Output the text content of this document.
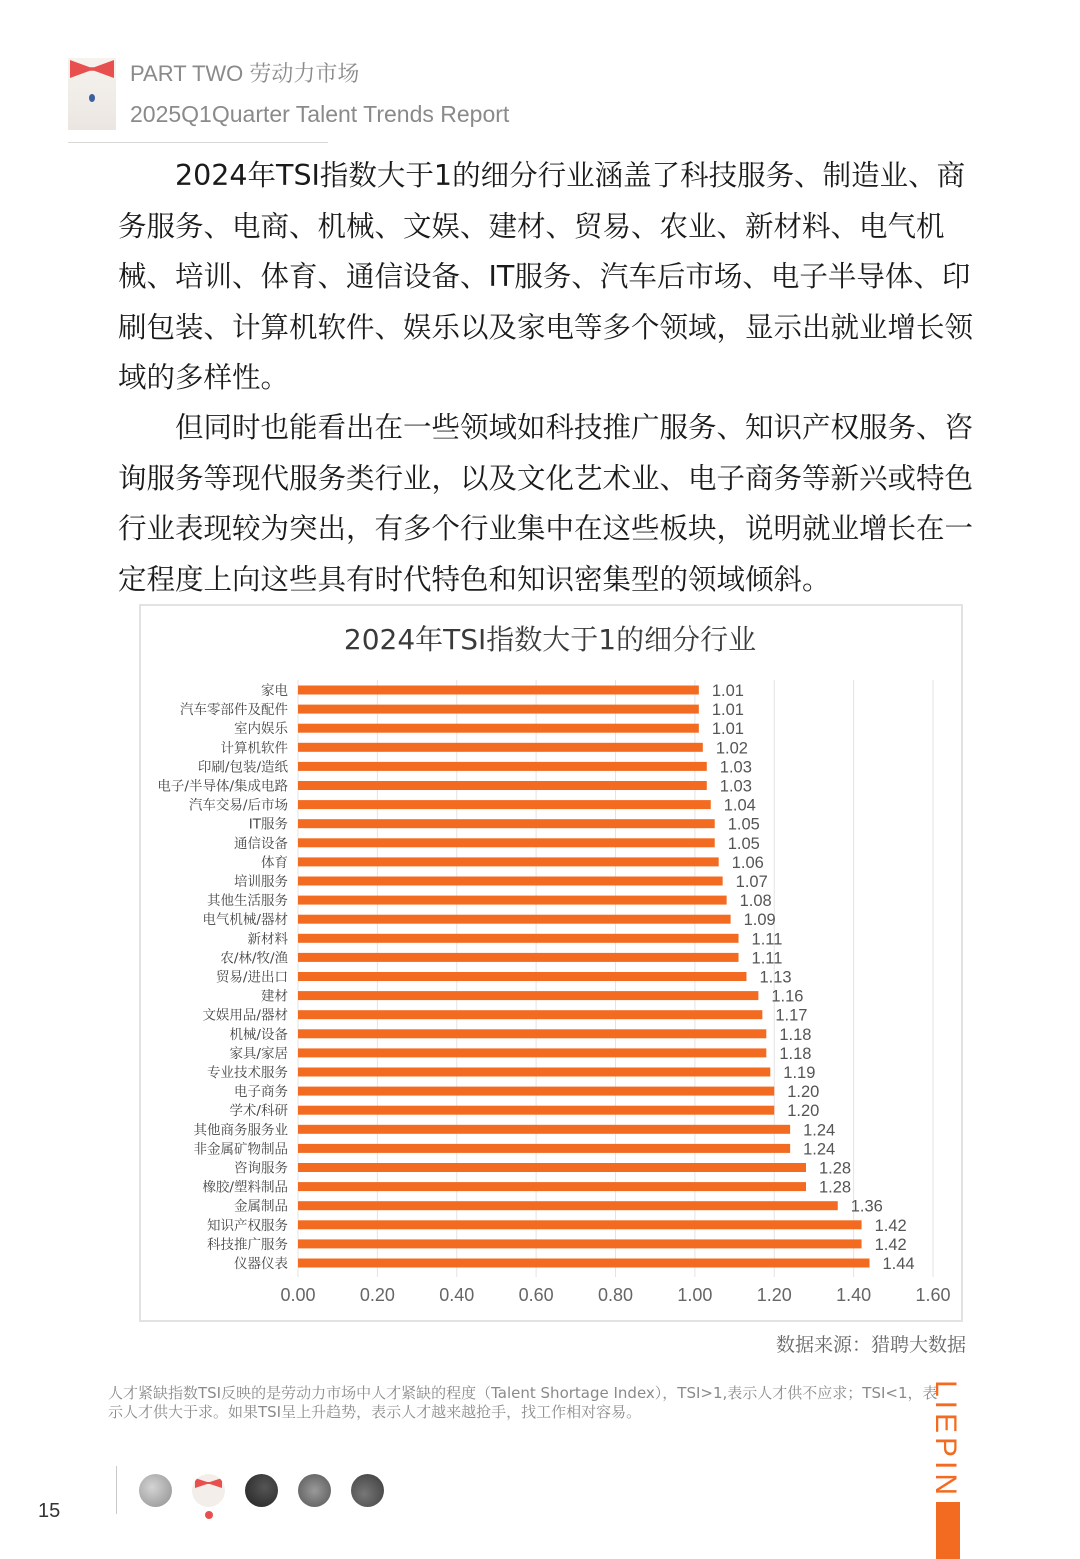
PART TWO 劳动力市场
2025Q1Quarter Talent Trends Report

2024年TSI指数大于1的细分行业涵盖了科技服务、制造业、商务服务、电商、机械、文娱、建材、贸易、农业、新材料、电气机械、培训、体育、通信设备、IT服务、汽车后市场、电子半导体、印刷包装、计算机软件、娱乐以及家电等多个领域，显示出就业增长领域的多样性。

但同时也能看出在一些领域如科技推广服务、知识产权服务、咨询服务等现代服务类行业，以及文化艺术业、电子商务等新兴或特色行业表现较为突出，有多个行业集中在这些板块，说明就业增长在一定程度上向这些具有时代特色和知识密集型的领域倾斜。

2024年TSI指数大于1的细分行业
0.00 0.20 0.40 0.60 0.80 1.00 1.20 1.40 1.60
家电	1.01
汽车零部件及配件	1.01
室内娱乐	1.01
计算机软件	1.02
印刷/包装/造纸	1.03
电子/半导体/集成电路	1.03
汽车交易/后市场	1.04
IT服务	1.05
通信设备	1.05
体育	1.06
培训服务	1.07
其他生活服务	1.08
电气机械/器材	1.09
新材料	1.11
农/林/牧/渔	1.11
贸易/进出口	1.13
建材	1.16
文娱用品/器材	1.17
机械/设备	1.18
家具/家居	1.18
专业技术服务	1.19
电子商务	1.20
学术/科研	1.20
其他商务服务业	1.24
非金属矿物制品	1.24
咨询服务	1.28
橡胶/塑料制品	1.28
金属制品	1.36
知识产权服务	1.42
科技推广服务	1.42
仪器仪表	1.44
数据来源：猎聘大数据
人才紧缺指数TSI反映的是劳动力市场中人才紧缺的程度（Talent Shortage Index），TSI>1,表示人才供不应求；TSI<1，表示人才供大于求。如果TSI呈上升趋势，表示人才越来越抢手，找工作相对容易。
15
LIEPIN
